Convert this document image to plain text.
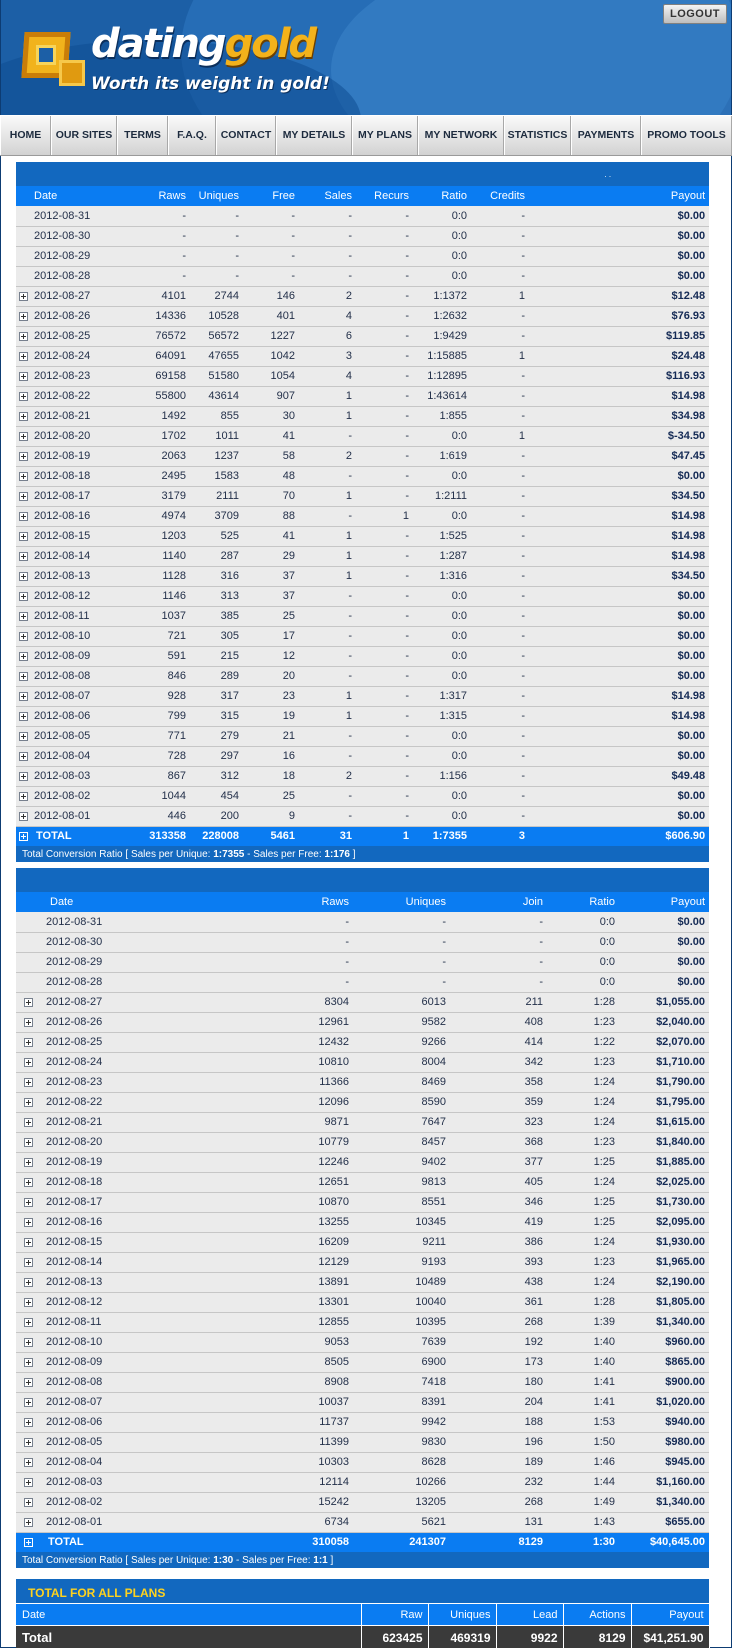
datinggold
Worth its weight in gold!
LOGOUT
HOME	OUR SITES	TERMS	F.A.Q.	CONTACT	MY DETAILS	MY PLANS	MY NETWORK STATISTICS PAYMENTS	PROMO TOOLS
. .									
Date		Raws	Uniques	Free	Sales	Recurs	Ratio	Credits	Payout
	2012-08-31	-	-	-	-	-	0:0	-	$0.00
	2012-08-30	-	-	-	-	-	0:0	-	$0.00
	2012-08-29	-	-	-	-	-	0:0	-	$0.00
	2012-08-28	-	-	-	-	-	0:0	-	$0.00
	2012-08-27	4101	2744	146	2	-	1:1372	1	$12.48
	2012-08-26	14336	10528	401	4	-	1:2632	-	$76.93
	2012-08-25	76572	56572	1227	6	-	1:9429	-	$119.85
	2012-08-24	64091	47655	1042	3	-	1:15885	1	$24.48
	2012-08-23	69158	51580	1054	4	-	1:12895	-	$116.93
	2012-08-22	55800	43614	907	1	-	1:43614	-	$14.98
	2012-08-21	1492	855	30	1	-	1:855	-	$34.98
	2012-08-20	1702	1011	41	-	-	0:0	1	$-34.50
	2012-08-19	2063	1237	58	2	-	1:619	-	$47.45
	2012-08-18	2495	1583	48	-	-	0:0	-	$0.00
	2012-08-17	3179	2111	70	1	-	1:2111	-	$34.50
	2012-08-16	4974	3709	88	-	1	0:0	-	$14.98
	2012-08-15	1203	525	41	1	-	1:525	-	$14.98
	2012-08-14	1140	287	29	1	-	1:287	-	$14.98
	2012-08-13	1128	316	37	1	-	1:316	-	$34.50
	2012-08-12	1146	313	37	-	-	0:0	-	$0.00
	2012-08-11	1037	385	25	-	-	0:0	-	$0.00
	2012-08-10	721	305	17	-	-	0:0	-	$0.00
	2012-08-09	591	215	12	-	-	0:0	-	$0.00
	2012-08-08	846	289	20	-	-	0:0	-	$0.00
	2012-08-07	928	317	23	1	-	1:317	-	$14.98
	2012-08-06	799	315	19	1	-	1:315	-	$14.98
	2012-08-05	771	279	21	-	-	0:0	-	$0.00
	2012-08-04	728	297	16	-	-	0:0	-	$0.00
	2012-08-03	867	312	18	2	-	1:156	-	$49.48
	2012-08-02	1044	454	25	-	-	0:0	-	$0.00
	2012-08-01	446	200	9	-	-	0:0	-	$0.00
	TOTAL	313358	228008	5461	31	1	1:7355	3	$606.90
Total Conversion Ratio [ Sales per Unique: 1:7355 - Sales per Free: 1:176 ]									

Date		Raws	Uniques	Join	Ratio	Payout
	2012-08-31	-	-	-	0:0	$0.00
	2012-08-30	-	-	-	0:0	$0.00
	2012-08-29	-	-	-	0:0	$0.00
	2012-08-28	-	-	-	0:0	$0.00
	2012-08-27	8304	6013	211	1:28	$1,055.00
	2012-08-26	12961	9582	408	1:23	$2,040.00
	2012-08-25	12432	9266	414	1:22	$2,070.00
	2012-08-24	10810	8004	342	1:23	$1,710.00
	2012-08-23	11366	8469	358	1:24	$1,790.00
	2012-08-22	12096	8590	359	1:24	$1,795.00
	2012-08-21	9871	7647	323	1:24	$1,615.00
	2012-08-20	10779	8457	368	1:23	$1,840.00
	2012-08-19	12246	9402	377	1:25	$1,885.00
	2012-08-18	12651	9813	405	1:24	$2,025.00
	2012-08-17	10870	8551	346	1:25	$1,730.00
	2012-08-16	13255	10345	419	1:25	$2,095.00
	2012-08-15	16209	9211	386	1:24	$1,930.00
	2012-08-14	12129	9193	393	1:23	$1,965.00
	2012-08-13	13891	10489	438	1:24	$2,190.00
	2012-08-12	13301	10040	361	1:28	$1,805.00
	2012-08-11	12855	10395	268	1:39	$1,340.00
	2012-08-10	9053	7639	192	1:40	$960.00
	2012-08-09	8505	6900	173	1:40	$865.00
	2012-08-08	8908	7418	180	1:41	$900.00
	2012-08-07	10037	8391	204	1:41	$1,020.00
	2012-08-06	11737	9942	188	1:53	$940.00
	2012-08-05	11399	9830	196	1:50	$980.00
	2012-08-04	10303	8628	189	1:46	$945.00
	2012-08-03	12114	10266	232	1:44	$1,160.00
	2012-08-02	15242	13205	268	1:49	$1,340.00
	2012-08-01	6734	5621	131	1:43	$655.00
	TOTAL	310058	241307	8129	1:30	$40,645.00
Total Conversion Ratio [ Sales per Unique: 1:30 - Sales per Free: 1:1 ]						
TOTAL FOR ALL PLANS
Date	Raw	Uniques	Lead	Actions	Payout
Total	623425	469319	9922	8129	$41,251.90
